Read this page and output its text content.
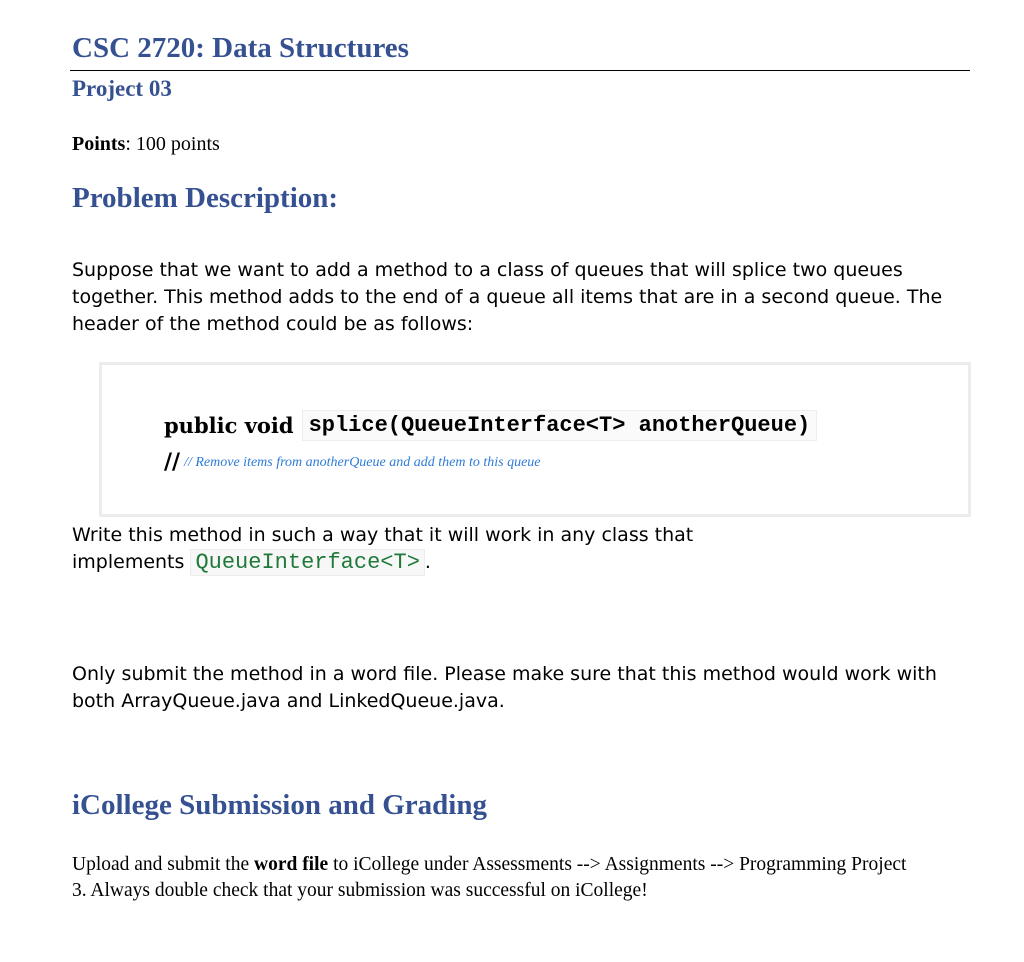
CSC 2720: Data Structures
Project 03
Points: 100 points
Problem Description:
Suppose that we want to add a method to a class of queues that will splice two queues together. This method adds to the end of a queue all items that are in a second queue. The header of the method could be as follows:
public void splice(QueueInterface<T> anotherQueue)
// // Remove items from anotherQueue and add them to this queue
Write this method in such a way that it will work in any class that implements QueueInterface<T> .
Only submit the method in a word file. Please make sure that this method would work with both ArrayQueue.java and LinkedQueue.java.
iCollege Submission and Grading
Upload and submit the word file to iCollege under Assessments --> Assignments --> Programming Project 3. Always double check that your submission was successful on iCollege!
